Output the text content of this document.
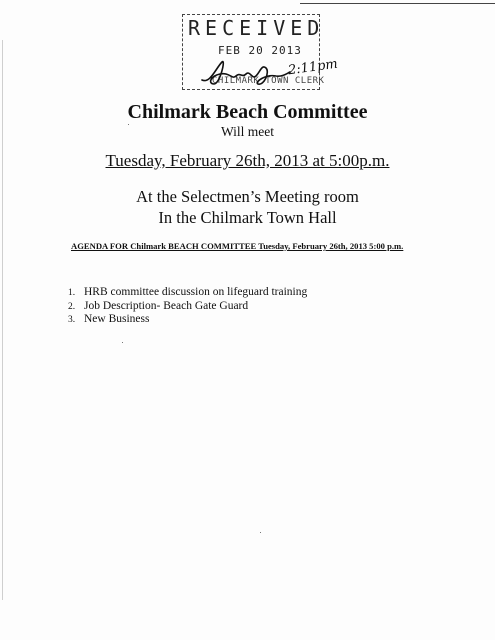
RECEIVED
FEB 20 2013
CHILMARK TOWN CLERK
2:11pm
Chilmark Beach Committee
Will meet
Tuesday, February 26th, 2013 at 5:00p.m.
At the Selectmen’s Meeting room
In the Chilmark Town Hall
AGENDA FOR Chilmark BEACH COMMITTEE Tuesday, February 26th, 2013 5:00 p.m.
1. HRB committee discussion on lifeguard training
2. Job Description- Beach Gate Guard
3. New Business
